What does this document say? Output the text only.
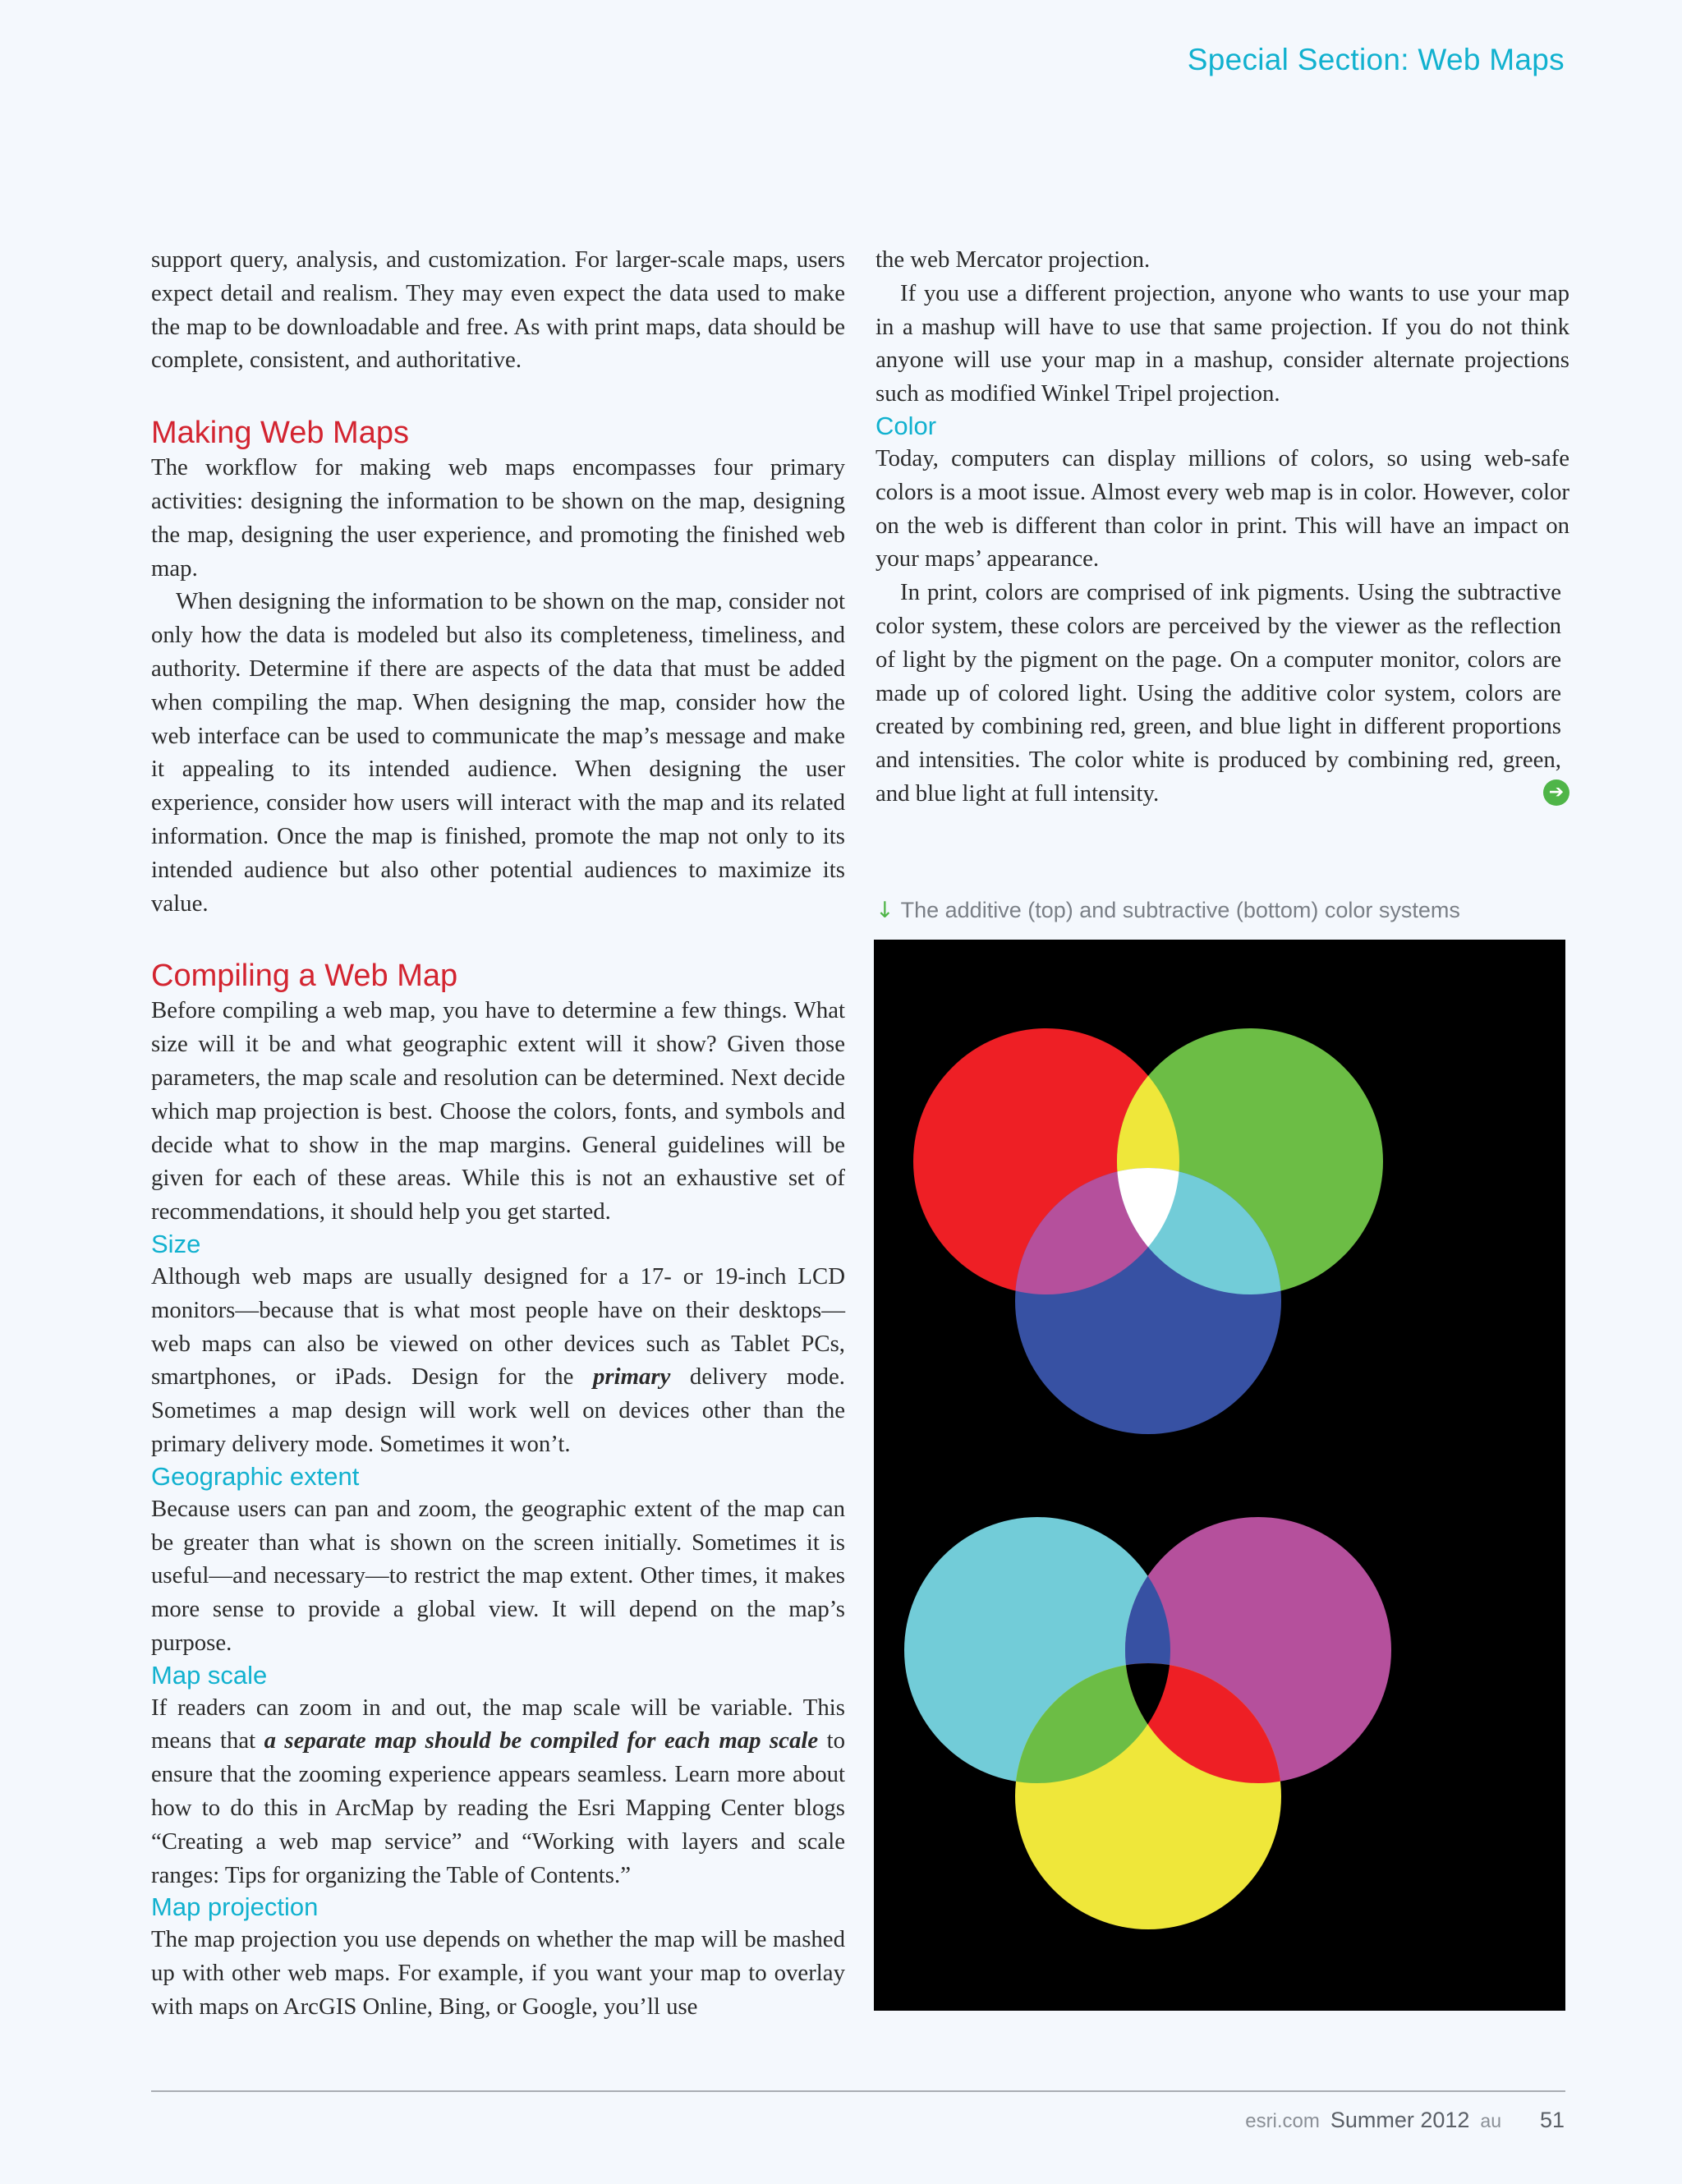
Special Section: Web Maps

support query, analysis, and customization. For larger-scale maps, users expect detail and realism. They may even expect the data used to make the map to be downloadable and free. As with print maps, data should be complete, consistent, and authoritative.

Making Web Maps

The workflow for making web maps encompasses four primary activities: designing the information to be shown on the map, designing the map, designing the user experience, and promoting the finished web map.

When designing the information to be shown on the map, consider not only how the data is modeled but also its completeness, timeliness, and authority. Determine if there are aspects of the data that must be added when compiling the map. When designing the map, consider how the web interface can be used to communicate the map’s message and make it appealing to its intended audience. When designing the user experience, consider how users will interact with the map and its related information. Once the map is finished, promote the map not only to its intended audience but also other potential audiences to maximize its value.

Compiling a Web Map

Before compiling a web map, you have to determine a few things. What size will it be and what geographic extent will it show? Given those parameters, the map scale and resolution can be determined. Next decide which map projection is best. Choose the colors, fonts, and symbols and decide what to show in the map margins. General guidelines will be given for each of these areas. While this is not an exhaustive set of recommendations, it should help you get started.

Size

Although web maps are usually designed for a 17- or 19-inch LCD monitors—because that is what most people have on their desktops—web maps can also be viewed on other devices such as Tablet PCs, smartphones, or iPads. Design for the primary delivery mode. Sometimes a map design will work well on devices other than the primary delivery mode. Sometimes it won’t.

Geographic extent

Because users can pan and zoom, the geographic extent of the map can be greater than what is shown on the screen initially. Sometimes it is useful—and necessary—to restrict the map extent. Other times, it makes more sense to provide a global view. It will depend on the map’s purpose.

Map scale

If readers can zoom in and out, the map scale will be variable. This means that a separate map should be compiled for each map scale to ensure that the zooming experience appears seamless. Learn more about how to do this in ArcMap by reading the Esri Mapping Center blogs “Creating a web map service” and “Working with layers and scale ranges: Tips for organizing the Table of Contents.”

Map projection

The map projection you use depends on whether the map will be mashed up with other web maps. For example, if you want your map to overlay with maps on ArcGIS Online, Bing, or Google, you’ll use

the web Mercator projection.

If you use a different projection, anyone who wants to use your map in a mashup will have to use that same projection. If you do not think anyone will use your map in a mashup, consider alternate projections such as modified Winkel Tripel projection.

Color

Today, computers can display millions of colors, so using web-safe colors is a moot issue. Almost every web map is in color. However, color on the web is different than color in print. This will have an impact on your maps’ appearance.

In print, colors are comprised of ink pigments. Using the subtractive color system, these colors are perceived by the viewer as the reflection of light by the pigment on the page. On a computer monitor, colors are made up of colored light. Using the additive color system, colors are created by combining red, green, and blue light in different proportions and intensities. The color white is produced by combining red, green, and blue light at full intensity.	➔
↓ The additive (top) and subtractive (bottom) color systems
esri.com Summer 2012 au 51
